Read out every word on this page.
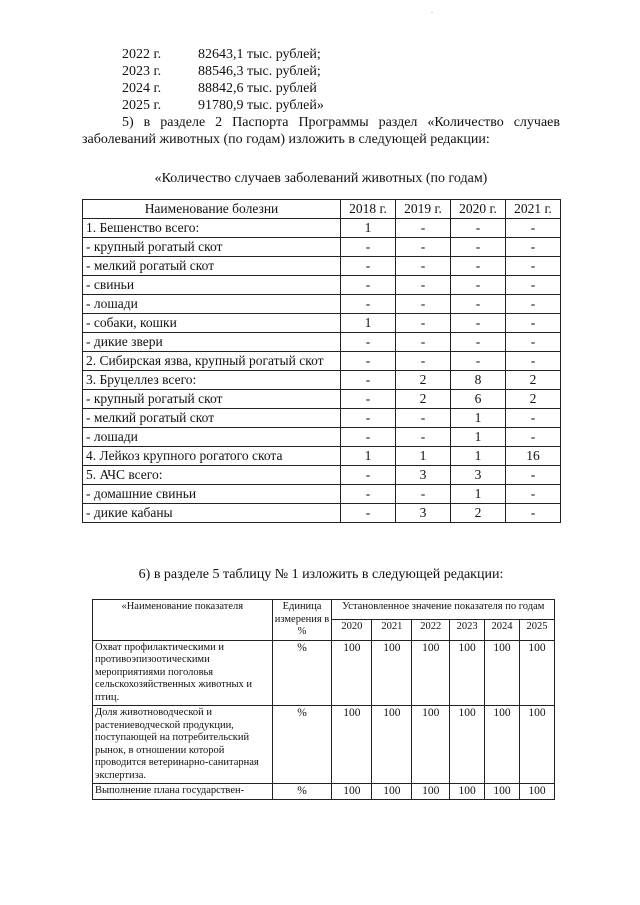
.
2022 г.	82643,1 тыс. рублей;
2023 г.	88546,3 тыс. рублей;
2024 г.	88842,6 тыс. рублей
2025 г.	91780,9 тыс. рублей»
5) в разделе 2 Паспорта Программы раздел «Количество случаев заболеваний животных (по годам) изложить в следующей редакции:
«Количество случаев заболеваний животных (по годам)
Наименование болезни	2018 г.	2019 г.	2020 г.	2021 г.
1. Бешенство всего:	1	-	-	-
- крупный рогатый скот	-	-	-	-
- мелкий рогатый скот	-	-	-	-
- свиньи	-	-	-	-
- лошади	-	-	-	-
- собаки, кошки	1	-	-	-
- дикие звери	-	-	-	-
2. Сибирская язва, крупный рогатый скот	-	-	-	-
3. Бруцеллез всего:	-	2	8	2
- крупный рогатый скот	-	2	6	2
- мелкий рогатый скот	-	-	1	-
- лошади	-	-	1	-
4. Лейкоз крупного рогатого скота	1	1	1	16
5. АЧС всего:	-	3	3	-
- домашние свиньи	-	-	1	-
- дикие кабаны	-	3	2	-
6) в разделе 5 таблицу № 1 изложить в следующей редакции:
«Наименование показателя	Единица измерения в %	Установленное значение показателя по годам					
		2020	2021	2022	2023	2024	2025
Охват профилактическими и противоэпизоотическими мероприятиями поголовья сельскохозяйственных животных и птиц.	%	100	100	100	100	100	100
Доля животноводческой и растениеводческой продукции, поступающей на потребительский рынок, в отношении которой проводится ветеринарно-санитарная экспертиза.	%	100	100	100	100	100	100
Выполнение плана государствен-	%	100	100	100	100	100	100
